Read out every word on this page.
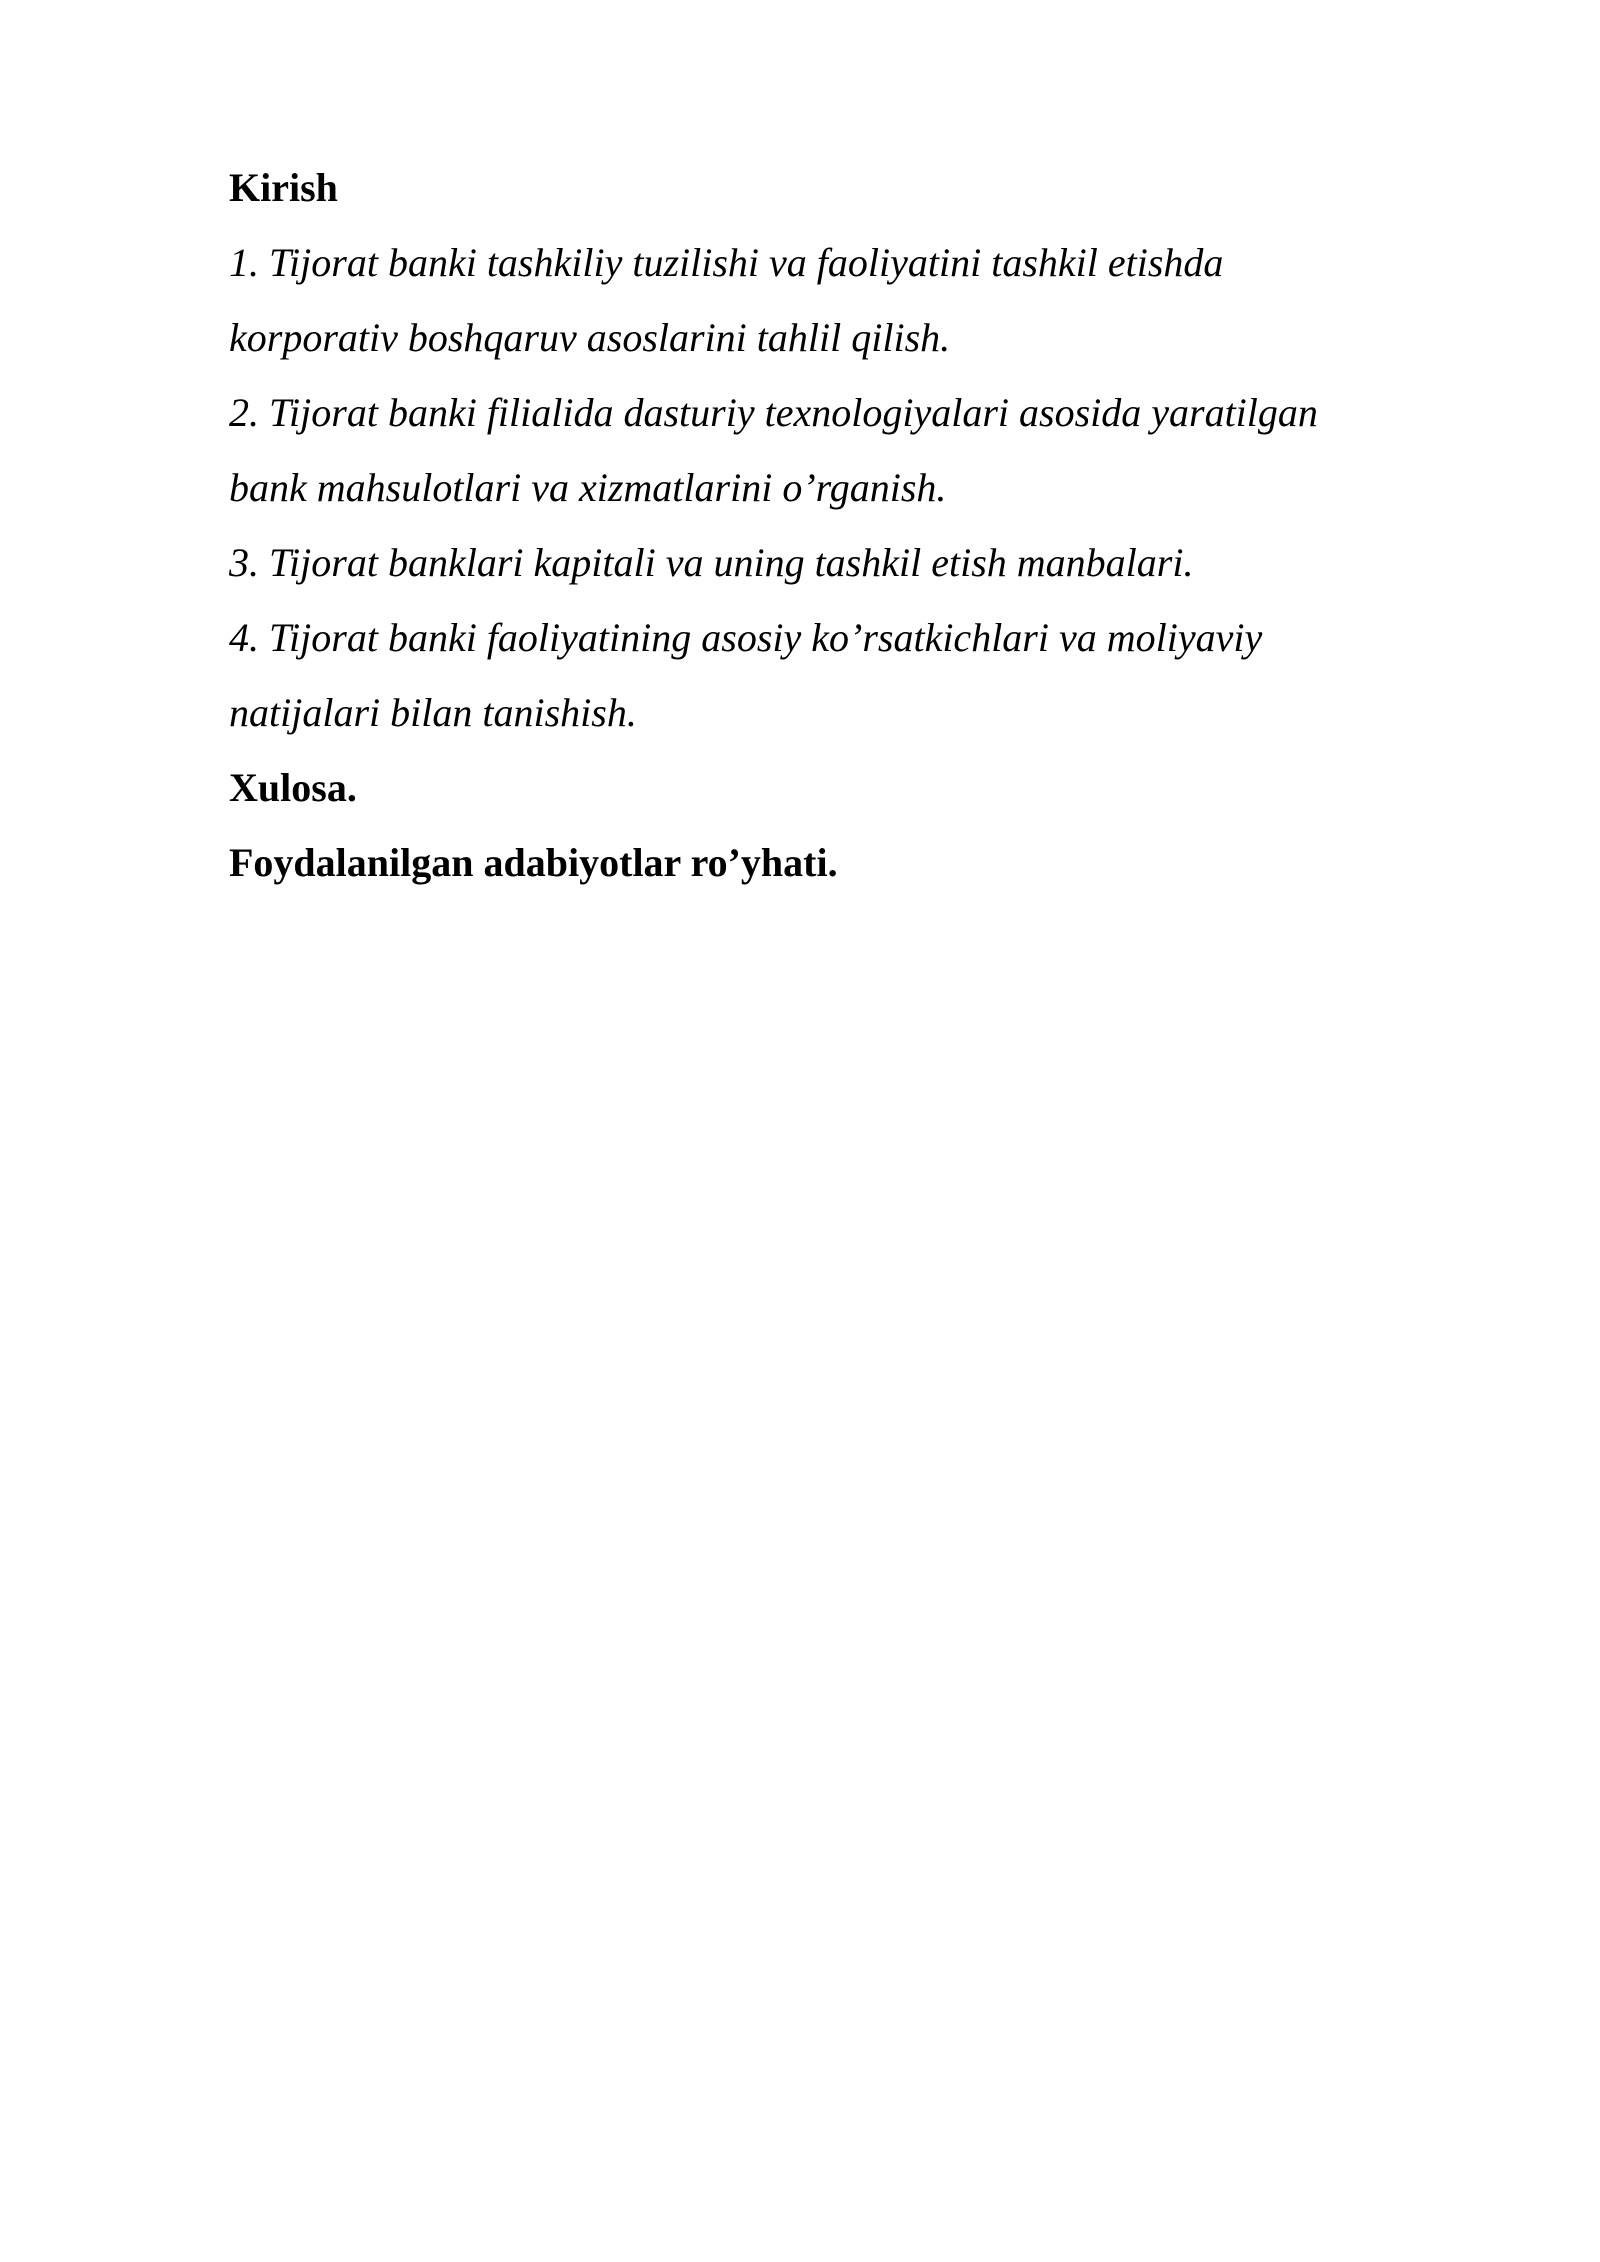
Kirish
1. Tijorat banki tashkiliy tuzilishi va faoliyatini tashkil etishda
korporativ boshqaruv asoslarini tahlil qilish.
2. Tijorat banki filialida dasturiy texnologiyalari asosida yaratilgan
bank mahsulotlari va xizmatlarini o’rganish.
3. Tijorat banklari kapitali va uning tashkil etish manbalari.
4. Tijorat banki faoliyatining asosiy ko’rsatkichlari va moliyaviy
natijalari bilan tanishish.
Xulosa.
Foydalanilgan adabiyotlar ro’yhati.
